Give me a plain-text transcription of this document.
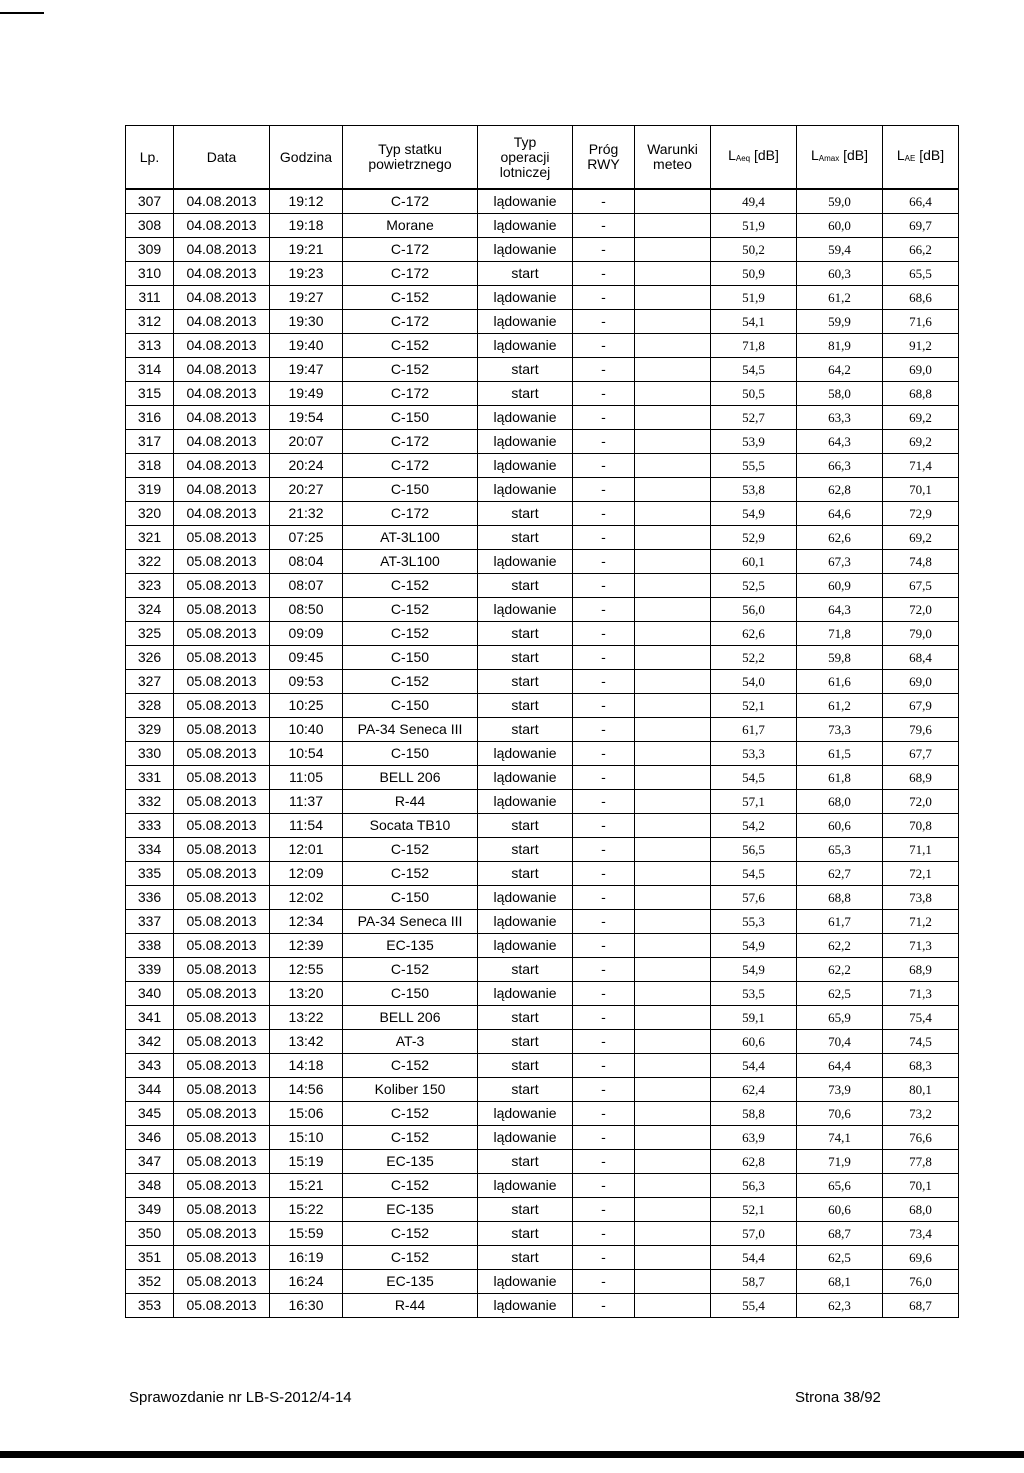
Lp.	Data	Godzina	Typ statku powietrznego	Typ operacji lotniczej	Próg RWY	Warunki meteo	$L_{Aeq}$ [dB]	$L_{Amax}$ [dB]	$L_{AE}$ [dB]
307	04.08.2013	19:12	C-172	lądowanie	-		49,4	59,0	66,4
308	04.08.2013	19:18	Morane	lądowanie	-		51,9	60,0	69,7
309	04.08.2013	19:21	C-172	lądowanie	-		50,2	59,4	66,2
310	04.08.2013	19:23	C-172	start	-		50,9	60,3	65,5
311	04.08.2013	19:27	C-152	lądowanie	-		51,9	61,2	68,6
312	04.08.2013	19:30	C-172	lądowanie	-		54,1	59,9	71,6
313	04.08.2013	19:40	C-152	lądowanie	-		71,8	81,9	91,2
314	04.08.2013	19:47	C-152	start	-		54,5	64,2	69,0
315	04.08.2013	19:49	C-172	start	-		50,5	58,0	68,8
316	04.08.2013	19:54	C-150	lądowanie	-		52,7	63,3	69,2
317	04.08.2013	20:07	C-172	lądowanie	-		53,9	64,3	69,2
318	04.08.2013	20:24	C-172	lądowanie	-		55,5	66,3	71,4
319	04.08.2013	20:27	C-150	lądowanie	-		53,8	62,8	70,1
320	04.08.2013	21:32	C-172	start	-		54,9	64,6	72,9
321	05.08.2013	07:25	AT-3L100	start	-		52,9	62,6	69,2
322	05.08.2013	08:04	AT-3L100	lądowanie	-		60,1	67,3	74,8
323	05.08.2013	08:07	C-152	start	-		52,5	60,9	67,5
324	05.08.2013	08:50	C-152	lądowanie	-		56,0	64,3	72,0
325	05.08.2013	09:09	C-152	start	-		62,6	71,8	79,0
326	05.08.2013	09:45	C-150	start	-		52,2	59,8	68,4
327	05.08.2013	09:53	C-152	start	-		54,0	61,6	69,0
328	05.08.2013	10:25	C-150	start	-		52,1	61,2	67,9
329	05.08.2013	10:40	PA-34 Seneca III	start	-		61,7	73,3	79,6
330	05.08.2013	10:54	C-150	lądowanie	-		53,3	61,5	67,7
331	05.08.2013	11:05	BELL 206	lądowanie	-		54,5	61,8	68,9
332	05.08.2013	11:37	R-44	lądowanie	-		57,1	68,0	72,0
333	05.08.2013	11:54	Socata TB10	start	-		54,2	60,6	70,8
334	05.08.2013	12:01	C-152	start	-		56,5	65,3	71,1
335	05.08.2013	12:09	C-152	start	-		54,5	62,7	72,1
336	05.08.2013	12:02	C-150	lądowanie	-		57,6	68,8	73,8
337	05.08.2013	12:34	PA-34 Seneca III	lądowanie	-		55,3	61,7	71,2
338	05.08.2013	12:39	EC-135	lądowanie	-		54,9	62,2	71,3
339	05.08.2013	12:55	C-152	start	-		54,9	62,2	68,9
340	05.08.2013	13:20	C-150	lądowanie	-		53,5	62,5	71,3
341	05.08.2013	13:22	BELL 206	start	-		59,1	65,9	75,4
342	05.08.2013	13:42	AT-3	start	-		60,6	70,4	74,5
343	05.08.2013	14:18	C-152	start	-		54,4	64,4	68,3
344	05.08.2013	14:56	Koliber 150	start	-		62,4	73,9	80,1
345	05.08.2013	15:06	C-152	lądowanie	-		58,8	70,6	73,2
346	05.08.2013	15:10	C-152	lądowanie	-		63,9	74,1	76,6
347	05.08.2013	15:19	EC-135	start	-		62,8	71,9	77,8
348	05.08.2013	15:21	C-152	lądowanie	-		56,3	65,6	70,1
349	05.08.2013	15:22	EC-135	start	-		52,1	60,6	68,0
350	05.08.2013	15:59	C-152	start	-		57,0	68,7	73,4
351	05.08.2013	16:19	C-152	start	-		54,4	62,5	69,6
352	05.08.2013	16:24	EC-135	lądowanie	-		58,7	68,1	76,0
353	05.08.2013	16:30	R-44	lądowanie	-		55,4	62,3	68,7
Sprawozdanie nr LB-S-2012/4-14	Strona 38/92
